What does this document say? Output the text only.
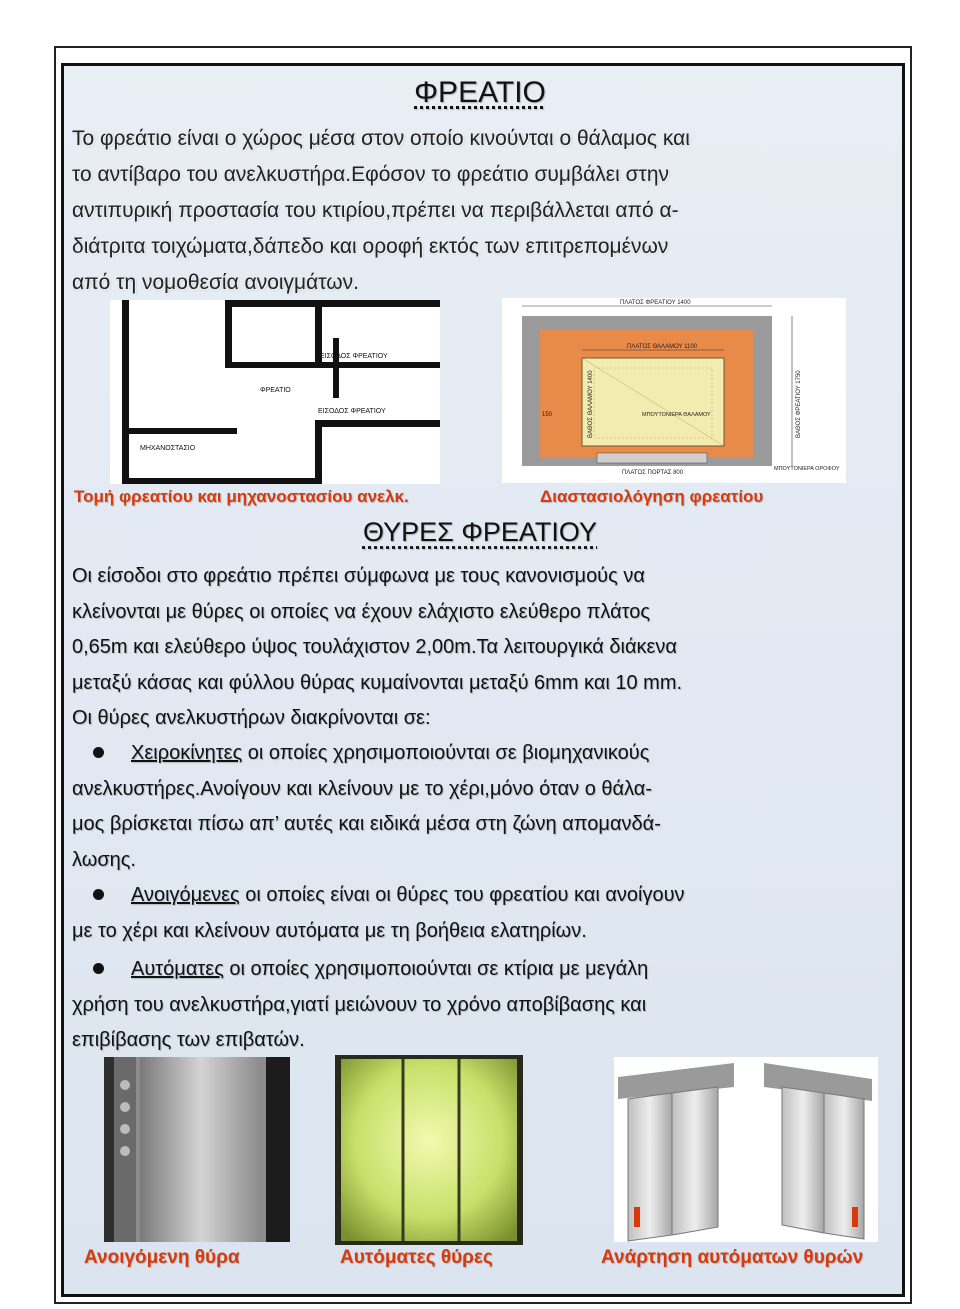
ΦΡΕΑΤΙΟ
Το φρεάτιο είναι ο χώρος μέσα στον οποίο κινούνται ο θάλαμος και
το αντίβαρο του ανελκυστήρα.Εφόσον το φρεάτιο συμβάλει στην
αντιπυρική προστασία του κτιρίου,πρέπει να περιβάλλεται από α-
διάτριτα τοιχώματα,δάπεδο και οροφή εκτός των επιτρεπομένων
από τη νομοθεσία ανοιγμάτων.
ΕΙΣΟΔΟΣ ΦΡΕΑΤΙΟΥ
ΦΡΕΑΤΙΟ
ΕΙΣΟΔΟΣ ΦΡΕΑΤΙΟΥ
ΜΗΧΑΝΟΣΤΑΣΙΟ
ΠΛΑΤΟΣ ΦΡΕΑΤΙΟΥ 1400
ΠΛΑΤΟΣ ΘΑΛΑΜΟΥ 1100
ΒΑΘΟΣ ΘΑΛΑΜΟΥ 1400	ΒΑΘΟΣ ΦΡΕΑΤΙΟΥ 1750
ΜΠΟΥΤΟΝΙΕΡΑ ΘΑΛΑΜΟΥ
ΠΛΑΤΟΣ ΠΟΡΤΑΣ 800
ΜΠΟΥΤΟΝΙΕΡΑ ΟΡΟΦΟΥ
150
Τομή φρεατίου και μηχανοστασίου ανελκ.	Διαστασιολόγηση φρεατίου
ΘΥΡΕΣ ΦΡΕΑΤΙΟΥ
Οι είσοδοι στο φρεάτιο πρέπει σύμφωνα με τους κανονισμούς να
κλείνονται με θύρες οι οποίες να έχουν ελάχιστο ελεύθερο πλάτος
0,65m και ελεύθερο ύψος τουλάχιστον 2,00m.Τα λειτουργικά διάκενα
μεταξύ κάσας και φύλλου θύρας κυμαίνονται μεταξύ 6mm και 10 mm.
Οι θύρες ανελκυστήρων διακρίνονται σε:
Χειροκίνητες οι οποίες χρησιμοποιούνται σε βιομηχανικούς
ανελκυστήρες.Ανοίγουν και κλείνουν με το χέρι,μόνο όταν ο θάλα-
μος βρίσκεται πίσω απ’ αυτές και ειδικά μέσα στη ζώνη απομανδά-
λωσης.
Ανοιγόμενες οι οποίες είναι οι θύρες του φρεατίου και ανοίγουν
με το χέρι και κλείνουν αυτόματα με τη βοήθεια ελατηρίων.
Αυτόματες οι οποίες χρησιμοποιούνται σε κτίρια με μεγάλη
χρήση του ανελκυστήρα,γιατί μειώνουν το χρόνο αποβίβασης και
επιβίβασης των επιβατών.
Ανοιγόμενη θύρα	Αυτόματες θύρες	Ανάρτηση αυτόματων θυρών
